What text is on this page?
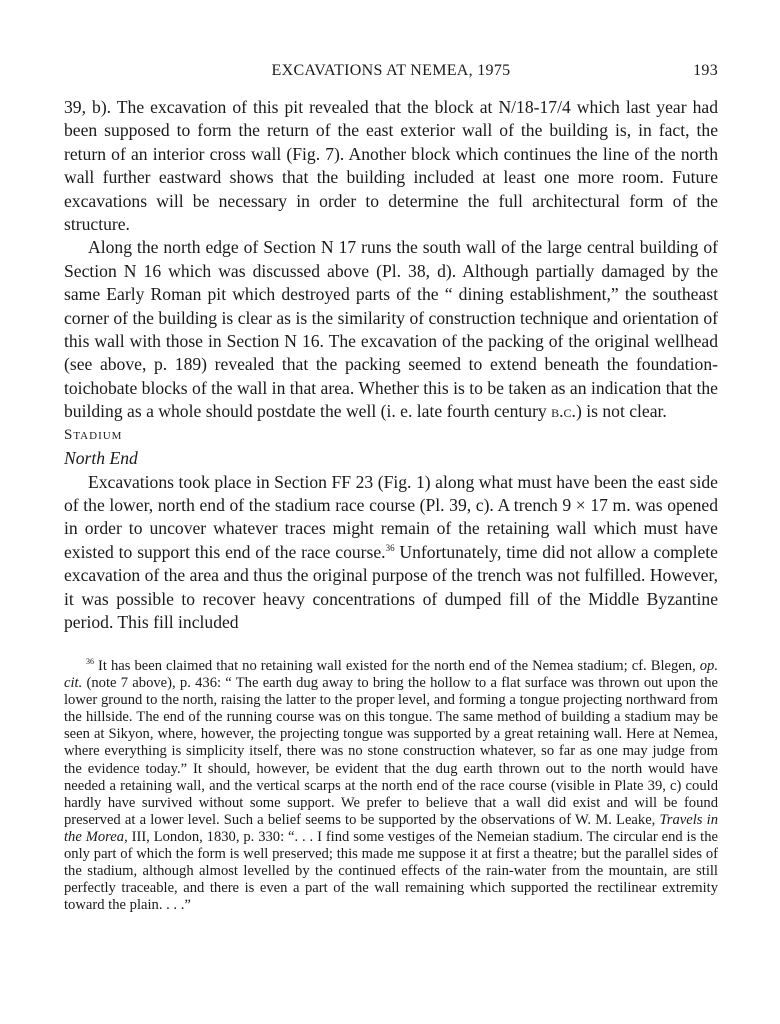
EXCAVATIONS AT NEMEA, 1975	193

39, b). The excavation of this pit revealed that the block at N/18-17/4 which last year had been supposed to form the return of the east exterior wall of the building is, in fact, the return of an interior cross wall (Fig. 7). Another block which continues the line of the north wall further eastward shows that the building included at least one more room. Future excavations will be necessary in order to determine the full architectural form of the structure.

Along the north edge of Section N 17 runs the south wall of the large central building of Section N 16 which was discussed above (Pl. 38, d). Although partially damaged by the same Early Roman pit which destroyed parts of the “ dining establishment,” the southeast corner of the building is clear as is the similarity of construction technique and orientation of this wall with those in Section N 16. The excavation of the packing of the original wellhead (see above, p. 189) revealed that the packing seemed to extend beneath the foundation-toichobate blocks of the wall in that area. Whether this is to be taken as an indication that the building as a whole should postdate the well (i. e. late fourth century b.c.) is not clear.

Stadium

North End

Excavations took place in Section FF 23 (Fig. 1) along what must have been the east side of the lower, north end of the stadium race course (Pl. 39, c). A trench 9 × 17 m. was opened in order to uncover whatever traces might remain of the retaining wall which must have existed to support this end of the race course.$^{36}$ Unfortunately, time did not allow a complete excavation of the area and thus the original purpose of the trench was not fulfilled. However, it was possible to recover heavy concentrations of dumped fill of the Middle Byzantine period. This fill included

$^{36}$ It has been claimed that no retaining wall existed for the north end of the Nemea stadium; cf. Blegen, op. cit. (note 7 above), p. 436: “ The earth dug away to bring the hollow to a flat surface was thrown out upon the lower ground to the north, raising the latter to the proper level, and forming a tongue projecting northward from the hillside. The end of the running course was on this tongue. The same method of building a stadium may be seen at Sikyon, where, however, the projecting tongue was supported by a great retaining wall. Here at Nemea, where everything is simplicity itself, there was no stone construction whatever, so far as one may judge from the evidence today.” It should, however, be evident that the dug earth thrown out to the north would have needed a retaining wall, and the vertical scarps at the north end of the race course (visible in Plate 39, c) could hardly have survived without some support. We prefer to believe that a wall did exist and will be found preserved at a lower level. Such a belief seems to be supported by the observations of W. M. Leake, Travels in the Morea, III, London, 1830, p. 330: “. . . I find some vestiges of the Nemeian stadium. The circular end is the only part of which the form is well preserved; this made me suppose it at first a theatre; but the parallel sides of the stadium, although almost levelled by the continued effects of the rain-water from the mountain, are still perfectly traceable, and there is even a part of the wall remaining which supported the rectilinear extremity toward the plain. . . .”
